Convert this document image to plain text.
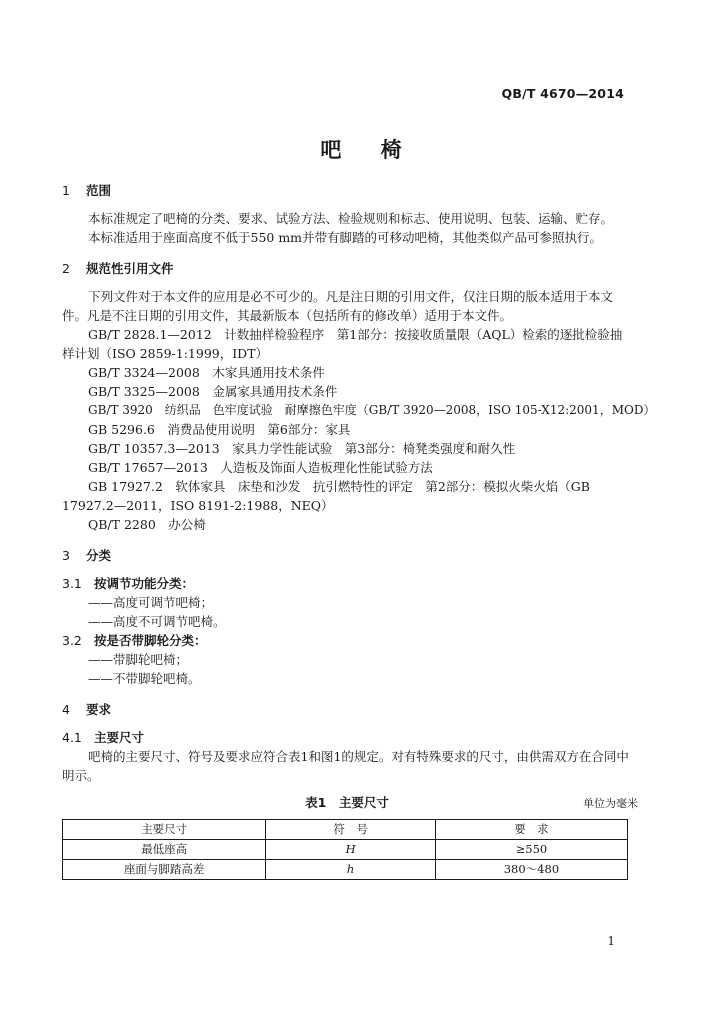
QB/T 4670—2014
吧 椅
1 范围

本标准规定了吧椅的分类、要求、试验方法、检验规则和标志、使用说明、包装、运输、贮存。

本标准适用于座面高度不低于550 mm并带有脚踏的可移动吧椅，其他类似产品可参照执行。

2 规范性引用文件

下列文件对于本文件的应用是必不可少的。凡是注日期的引用文件，仅注日期的版本适用于本文件。凡是不注日期的引用文件，其最新版本（包括所有的修改单）适用于本文件。

GB/T 2828.1—2012　计数抽样检验程序　第1部分：按接收质量限（AQL）检索的逐批检验抽样计划（ISO 2859-1:1999，IDT）

GB/T 3324—2008　木家具通用技术条件

GB/T 3325—2008　金属家具通用技术条件

GB/T 3920　纺织品　色牢度试验　耐摩擦色牢度（GB/T 3920—2008，ISO 105-X12:2001，MOD）

GB 5296.6　消费品使用说明　第6部分：家具

GB/T 10357.3—2013　家具力学性能试验　第3部分：椅凳类强度和耐久性

GB/T 17657—2013　人造板及饰面人造板理化性能试验方法

GB 17927.2　软体家具　床垫和沙发　抗引燃特性的评定　第2部分：模拟火柴火焰（GB 17927.2—2011，ISO 8191-2:1988，NEQ）

QB/T 2280　办公椅

3 分类
3.1 按调节功能分类：

——高度可调节吧椅；

——高度不可调节吧椅。

3.2 按是否带脚轮分类：

——带脚轮吧椅；

——不带脚轮吧椅。

4 要求
4.1 主要尺寸

吧椅的主要尺寸、符号及要求应符合表1和图1的规定。对有特殊要求的尺寸，由供需双方在合同中明示。

表1　主要尺寸	单位为毫米
主要尺寸	符　号	要　求
最低座高	H	≥550
座面与脚踏高差	h	380～480
1
